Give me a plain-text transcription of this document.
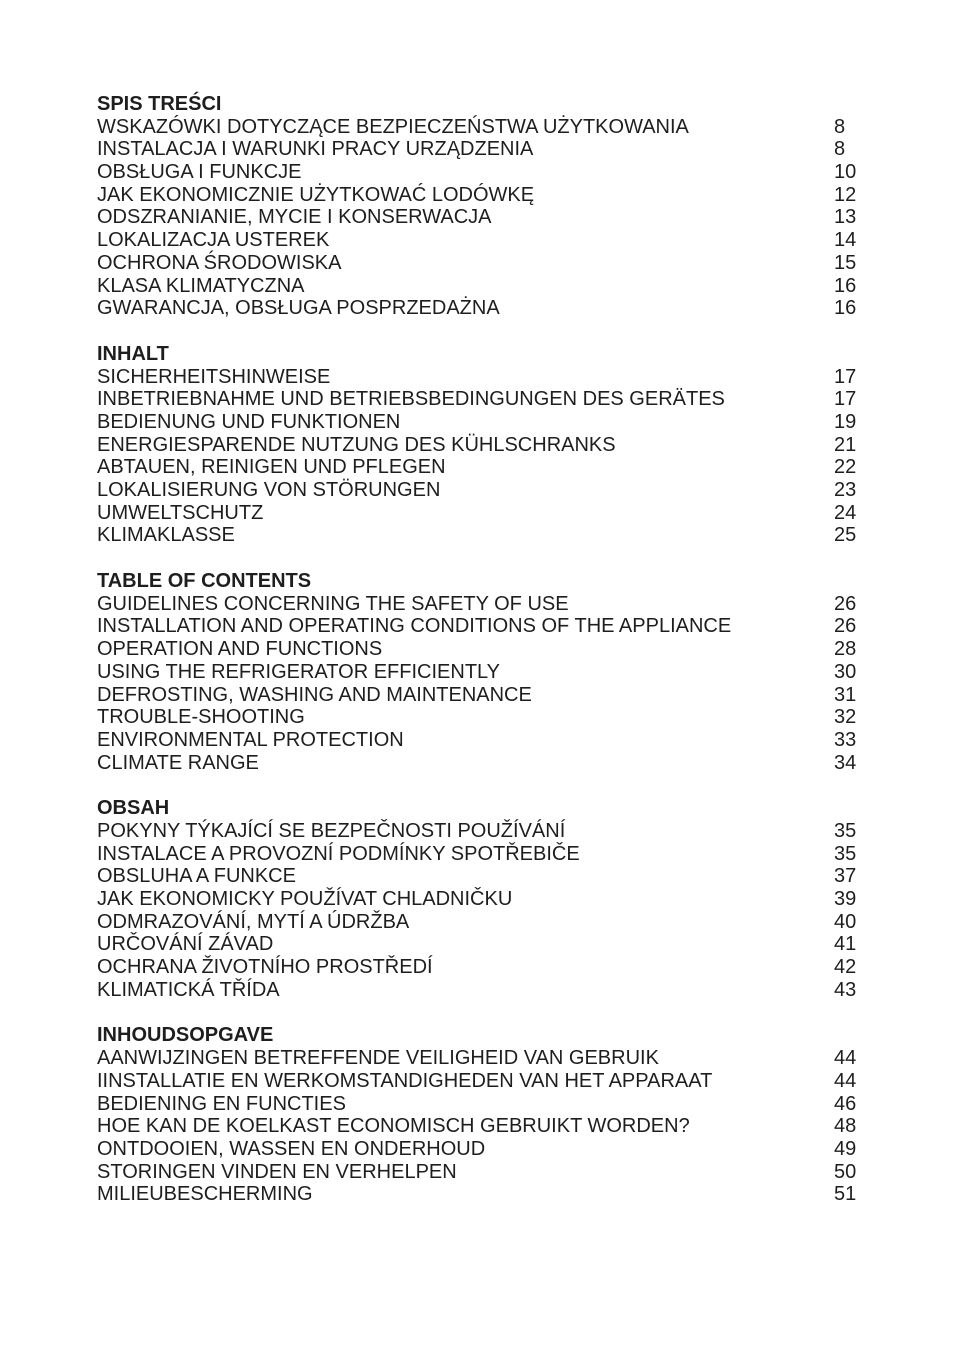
SPIS TREŚCI
WSKAZÓWKI DOTYCZĄCE BEZPIECZEŃSTWA UŻYTKOWANIA	8
INSTALACJA I WARUNKI PRACY URZĄDZENIA	8
OBSŁUGA I FUNKCJE	10
JAK EKONOMICZNIE UŻYTKOWAĆ LODÓWKĘ	12
ODSZRANIANIE, MYCIE I KONSERWACJA	13
LOKALIZACJA USTEREK	14
OCHRONA ŚRODOWISKA	15
KLASA KLIMATYCZNA	16
GWARANCJA, OBSŁUGA POSPRZEDAŻNA	16
INHALT
SICHERHEITSHINWEISE	17
INBETRIEBNAHME UND BETRIEBSBEDINGUNGEN DES GERÄTES	17
BEDIENUNG UND FUNKTIONEN	19
ENERGIESPARENDE NUTZUNG DES KÜHLSCHRANKS	21
ABTAUEN, REINIGEN UND PFLEGEN	22
LOKALISIERUNG VON STÖRUNGEN	23
UMWELTSCHUTZ	24
KLIMAKLASSE	25
TABLE OF CONTENTS
GUIDELINES CONCERNING THE SAFETY OF USE	26
INSTALLATION AND OPERATING CONDITIONS OF THE APPLIANCE	26
OPERATION AND FUNCTIONS	28
USING THE REFRIGERATOR EFFICIENTLY	30
DEFROSTING, WASHING AND MAINTENANCE	31
TROUBLE-SHOOTING	32
ENVIRONMENTAL PROTECTION	33
CLIMATE RANGE	34
OBSAH
POKYNY TÝKAJÍCÍ SE BEZPEČNOSTI POUŽÍVÁNÍ	35
INSTALACE A PROVOZNÍ PODMÍNKY SPOTŘEBIČE	35
OBSLUHA A FUNKCE	37
JAK EKONOMICKY POUŽÍVAT CHLADNIČKU	39
ODMRAZOVÁNÍ, MYTÍ A ÚDRŽBA	40
URČOVÁNÍ ZÁVAD	41
OCHRANA ŽIVOTNÍHO PROSTŘEDÍ	42
KLIMATICKÁ TŘÍDA	43
INHOUDSOPGAVE
AANWIJZINGEN BETREFFENDE VEILIGHEID VAN GEBRUIK	44
IINSTALLATIE EN WERKOMSTANDIGHEDEN VAN HET APPARAAT	44
BEDIENING EN FUNCTIES	46
HOE KAN DE KOELKAST ECONOMISCH GEBRUIKT WORDEN?	48
ONTDOOIEN, WASSEN EN ONDERHOUD	49
STORINGEN VINDEN EN VERHELPEN	50
MILIEUBESCHERMING	51
